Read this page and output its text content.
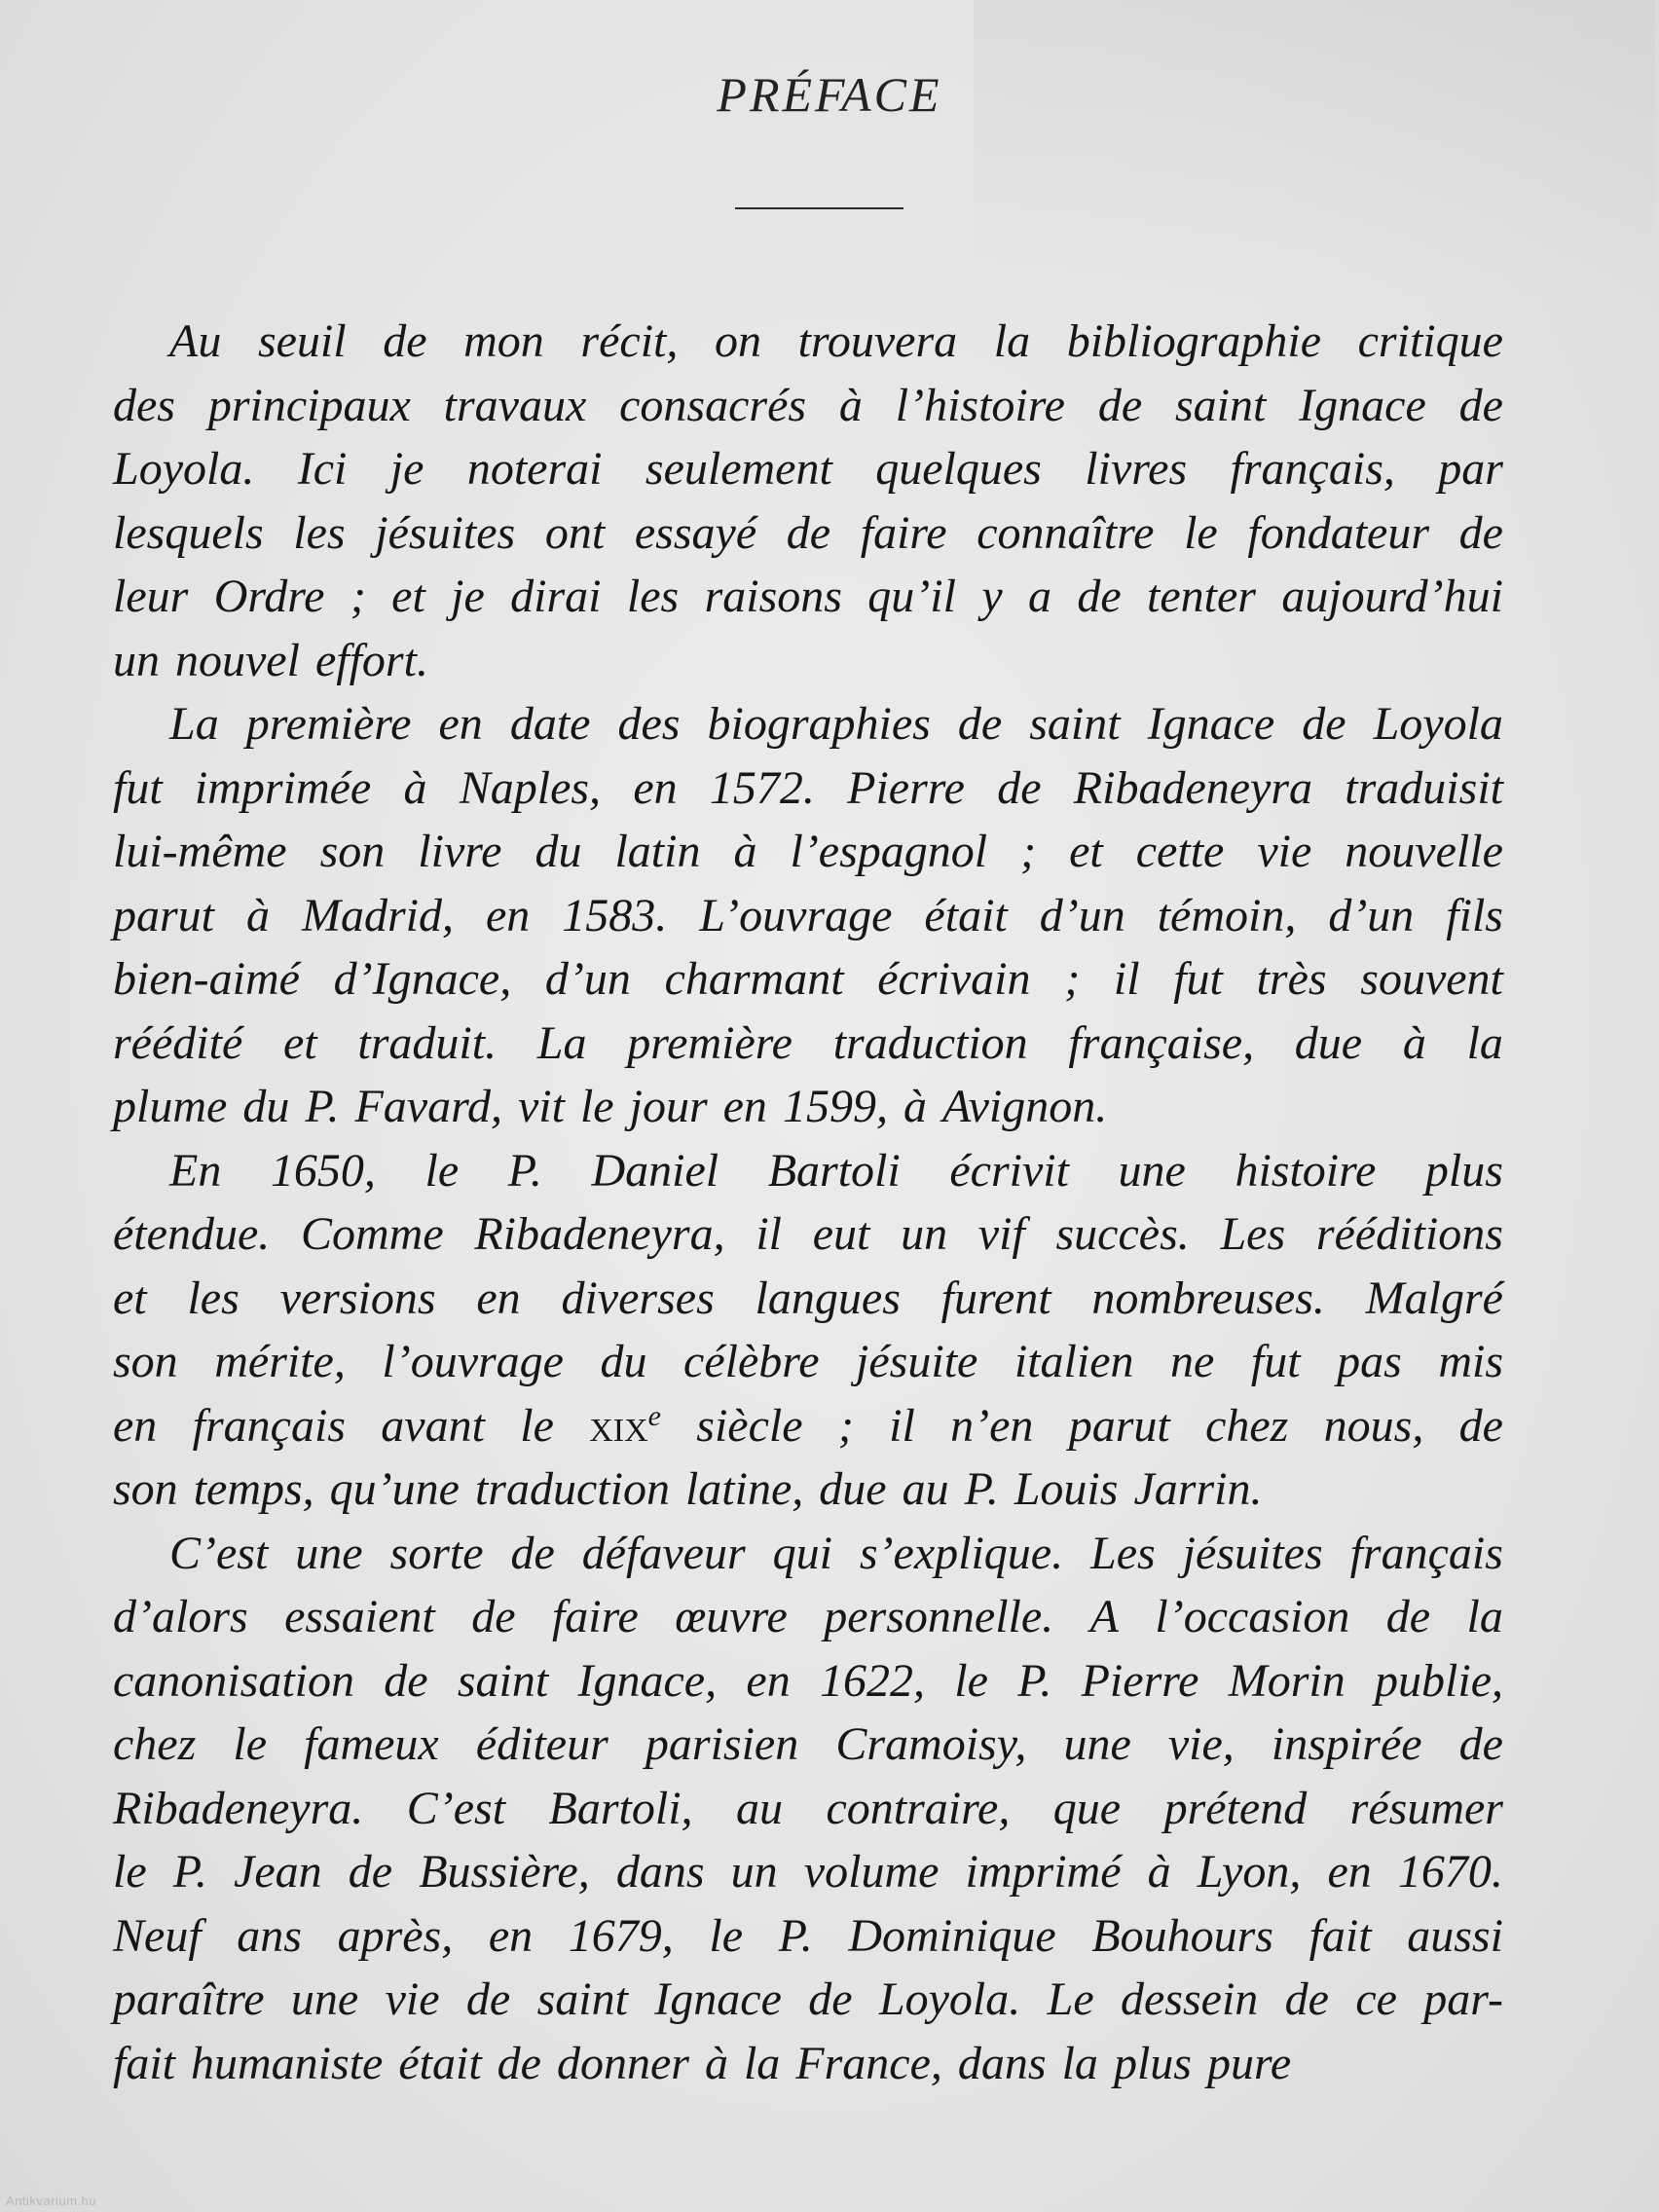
PRÉFACE
Au seuil de mon récit, on trouvera la bibliographie critique
des principaux travaux consacrés à l’histoire de saint Ignace de
Loyola. Ici je noterai seulement quelques livres français, par
lesquels les jésuites ont essayé de faire connaître le fondateur de
leur Ordre ; et je dirai les raisons qu’il y a de tenter aujourd’hui
un nouvel effort.
La première en date des biographies de saint Ignace de Loyola
fut imprimée à Naples, en 1572. Pierre de Ribadeneyra traduisit
lui-même son livre du latin à l’espagnol ; et cette vie nouvelle
parut à Madrid, en 1583. L’ouvrage était d’un témoin, d’un fils
bien-aimé d’Ignace, d’un charmant écrivain ; il fut très souvent
réédité et traduit. La première traduction française, due à la
plume du P. Favard, vit le jour en 1599, à Avignon.
En 1650, le P. Daniel Bartoli écrivit une histoire plus
étendue. Comme Ribadeneyra, il eut un vif succès. Les rééditions
et les versions en diverses langues furent nombreuses. Malgré
son mérite, l’ouvrage du célèbre jésuite italien ne fut pas mis
en français avant le xix$^e$ siècle ; il n’en parut chez nous, de
son temps, qu’une traduction latine, due au P. Louis Jarrin.
C’est une sorte de défaveur qui s’explique. Les jésuites français
d’alors essaient de faire œuvre personnelle. A l’occasion de la
canonisation de saint Ignace, en 1622, le P. Pierre Morin publie,
chez le fameux éditeur parisien Cramoisy, une vie, inspirée de
Ribadeneyra. C’est Bartoli, au contraire, que prétend résumer
le P. Jean de Bussière, dans un volume imprimé à Lyon, en 1670.
Neuf ans après, en 1679, le P. Dominique Bouhours fait aussi
paraître une vie de saint Ignace de Loyola. Le dessein de ce par-
fait humaniste était de donner à la France, dans la plus pure
Antikvarium.hu
